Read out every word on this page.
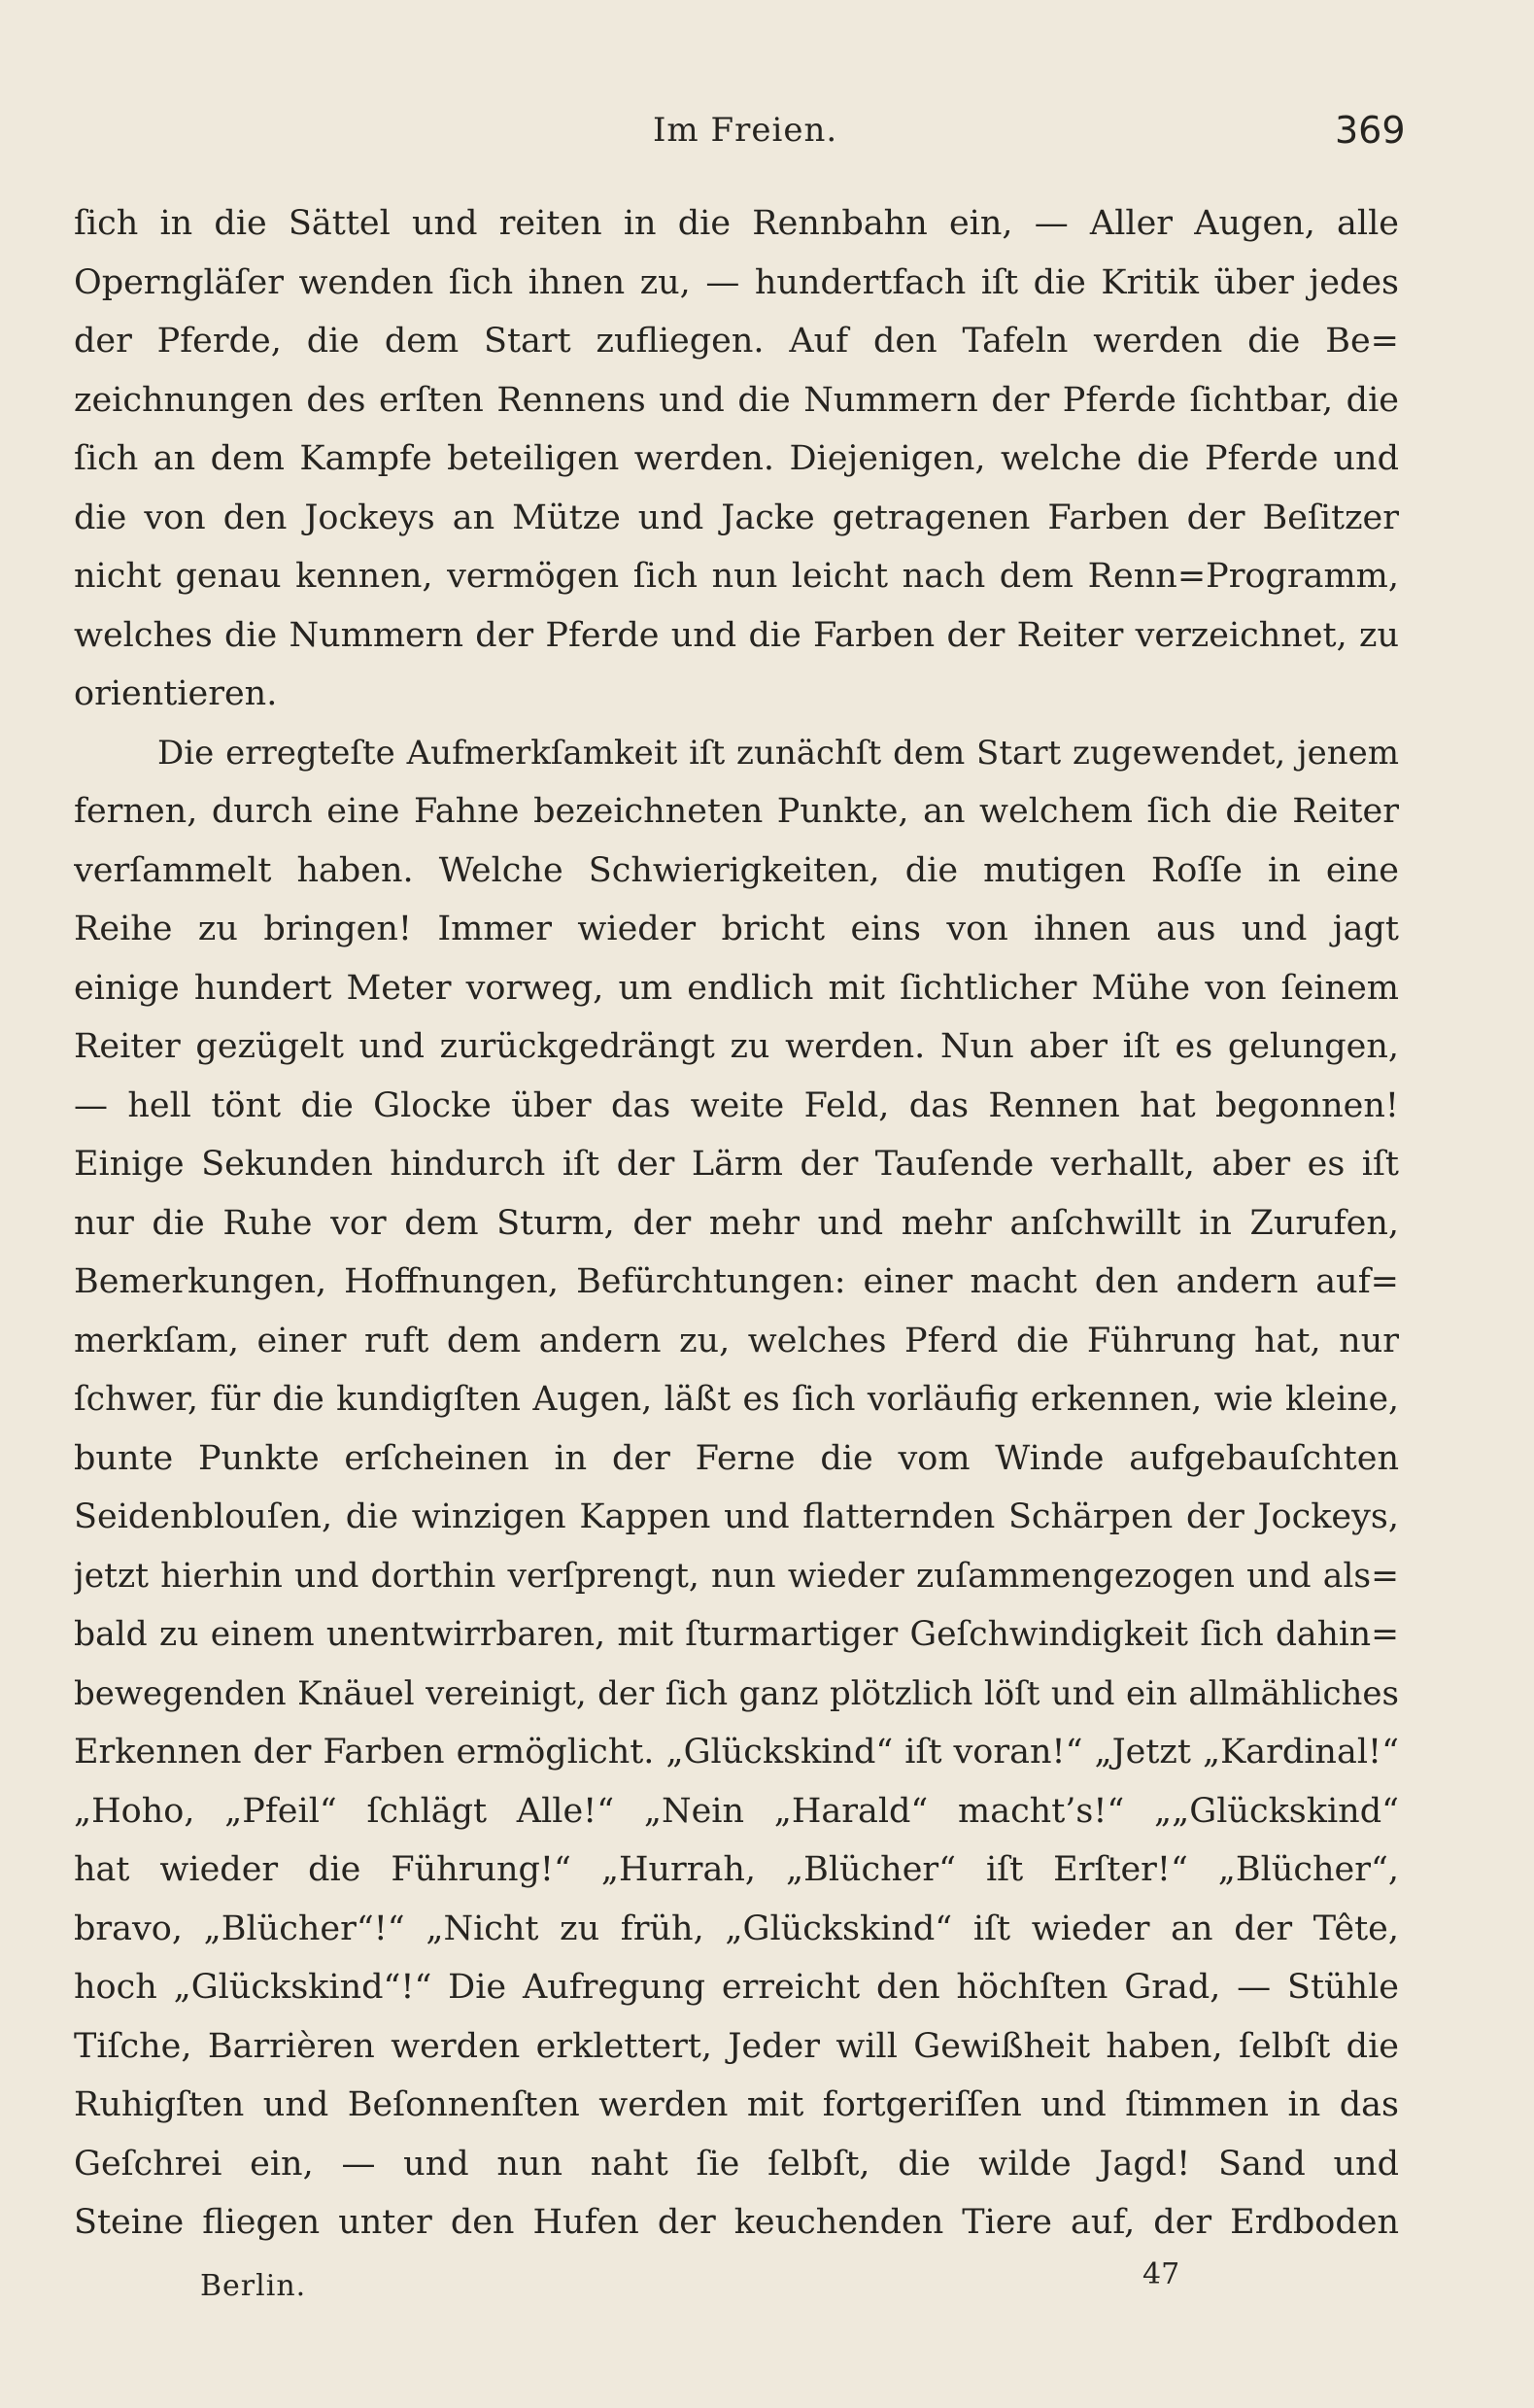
Im Freien.	369
ſich in die Sättel und reiten in die Rennbahn ein, — Aller Augen, alle
Operngläſer wenden ſich ihnen zu, — hundertfach iſt die Kritik über jedes
der Pferde, die dem Start zufliegen. Auf den Tafeln werden die Be=
zeichnungen des erſten Rennens und die Nummern der Pferde ſichtbar, die
ſich an dem Kampfe beteiligen werden. Diejenigen, welche die Pferde und
die von den Jockeys an Mütze und Jacke getragenen Farben der Beſitzer
nicht genau kennen, vermögen ſich nun leicht nach dem Renn=Programm,
welches die Nummern der Pferde und die Farben der Reiter verzeichnet, zu
orientieren.
Die erregteſte Aufmerkſamkeit iſt zunächſt dem Start zugewendet, jenem
fernen, durch eine Fahne bezeichneten Punkte, an welchem ſich die Reiter
verſammelt haben. Welche Schwierigkeiten, die mutigen Roſſe in eine
Reihe zu bringen! Immer wieder bricht eins von ihnen aus und jagt
einige hundert Meter vorweg, um endlich mit ſichtlicher Mühe von ſeinem
Reiter gezügelt und zurückgedrängt zu werden. Nun aber iſt es gelungen,
— hell tönt die Glocke über das weite Feld, das Rennen hat begonnen!
Einige Sekunden hindurch iſt der Lärm der Tauſende verhallt, aber es iſt
nur die Ruhe vor dem Sturm, der mehr und mehr anſchwillt in Zurufen,
Bemerkungen, Hoffnungen, Befürchtungen: einer macht den andern auf=
merkſam, einer ruft dem andern zu, welches Pferd die Führung hat, nur
ſchwer, für die kundigſten Augen, läßt es ſich vorläufig erkennen, wie kleine,
bunte Punkte erſcheinen in der Ferne die vom Winde aufgebauſchten
Seidenblouſen, die winzigen Kappen und flatternden Schärpen der Jockeys,
jetzt hierhin und dorthin verſprengt, nun wieder zuſammengezogen und als=
bald zu einem unentwirrbaren, mit ſturmartiger Geſchwindigkeit ſich dahin=
bewegenden Knäuel vereinigt, der ſich ganz plötzlich löſt und ein allmähliches
Erkennen der Farben ermöglicht. „Glückskind“ iſt voran!“ „Jetzt „Kardinal!“
„Hoho, „Pfeil“ ſchlägt Alle!“ „Nein „Harald“ macht’s!“ „„Glückskind“
hat wieder die Führung!“ „Hurrah, „Blücher“ iſt Erſter!“ „Blücher“,
bravo, „Blücher“!“ „Nicht zu früh, „Glückskind“ iſt wieder an der Tête,
hoch „Glückskind“!“ Die Aufregung erreicht den höchſten Grad, — Stühle
Tiſche, Barrièren werden erklettert, Jeder will Gewißheit haben, ſelbſt die
Ruhigſten und Beſonnenſten werden mit fortgeriſſen und ſtimmen in das
Geſchrei ein, — und nun naht ſie ſelbſt, die wilde Jagd! Sand und
Steine fliegen unter den Hufen der keuchenden Tiere auf, der Erdboden
Berlin.	47
